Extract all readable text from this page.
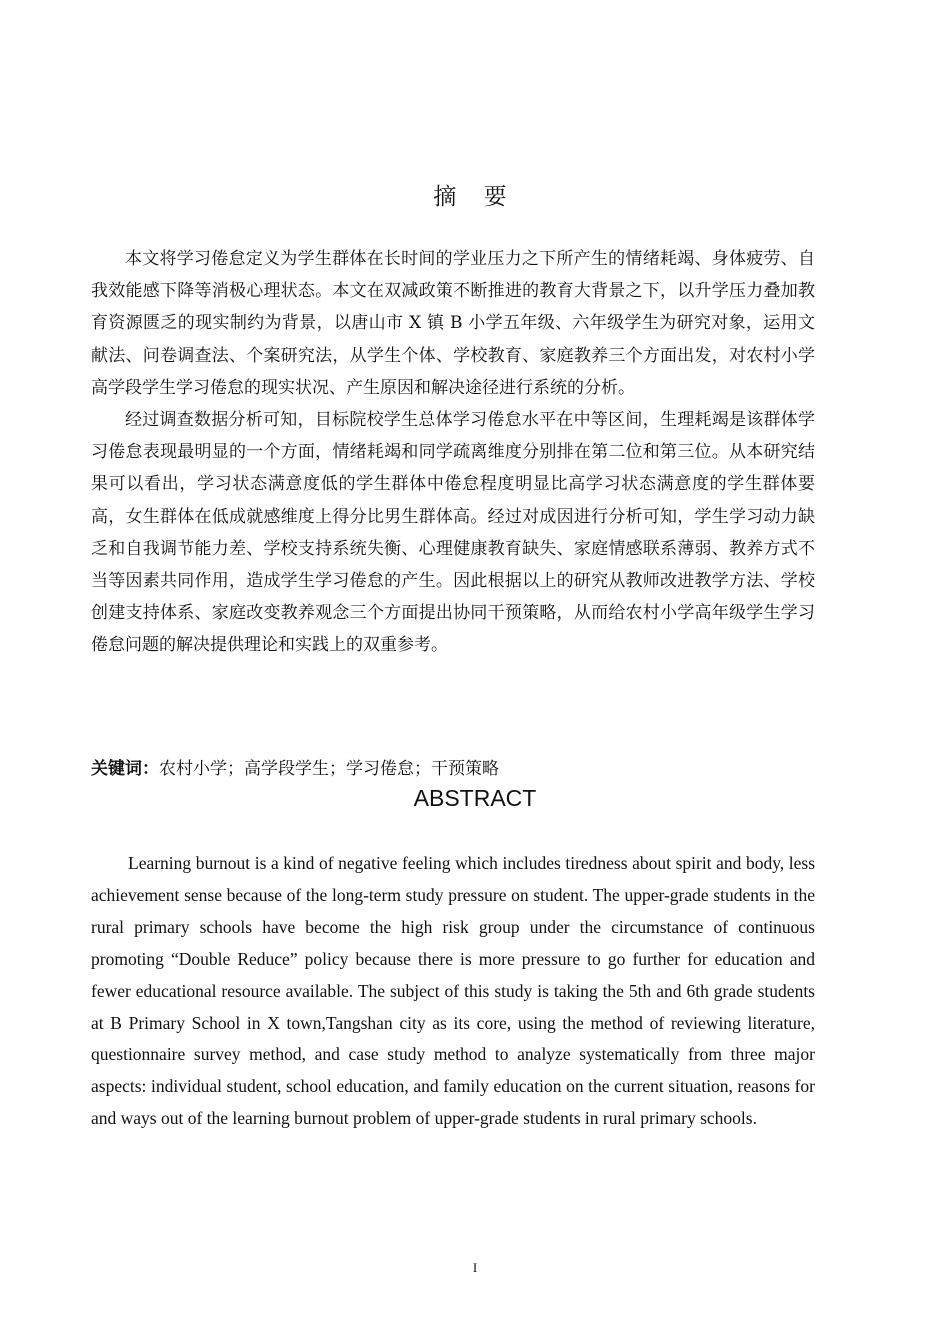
摘 要

本文将学习倦怠定义为学生群体在长时间的学业压力之下所产生的情绪耗竭、身体疲劳、自我效能感下降等消极心理状态。本文在双减政策不断推进的教育大背景之下，以升学压力叠加教育资源匮乏的现实制约为背景，以唐山市 X 镇 B 小学五年级、六年级学生为研究对象，运用文献法、问卷调查法、个案研究法，从学生个体、学校教育、家庭教养三个方面出发，对农村小学高学段学生学习倦怠的现实状况、产生原因和解决途径进行系统的分析。

经过调查数据分析可知，目标院校学生总体学习倦怠水平在中等区间，生理耗竭是该群体学习倦怠表现最明显的一个方面，情绪耗竭和同学疏离维度分别排在第二位和第三位。从本研究结果可以看出，学习状态满意度低的学生群体中倦怠程度明显比高学习状态满意度的学生群体要高，女生群体在低成就感维度上得分比男生群体高。经过对成因进行分析可知，学生学习动力缺乏和自我调节能力差、学校支持系统失衡、心理健康教育缺失、家庭情感联系薄弱、教养方式不当等因素共同作用，造成学生学习倦怠的产生。因此根据以上的研究从教师改进教学方法、学校创建支持体系、家庭改变教养观念三个方面提出协同干预策略，从而给农村小学高年级学生学习倦怠问题的解决提供理论和实践上的双重参考。

关键词：农村小学；高学段学生；学习倦怠；干预策略
ABSTRACT

Learning burnout is a kind of negative feeling which includes tiredness about spirit and body, less achievement sense because of the long-term study pressure on student. The upper-grade students in the rural primary schools have become the high risk group under the circumstance of continuous promoting “Double Reduce” policy because there is more pressure to go further for education and fewer educational resource available. The subject of this study is taking the 5th and 6th grade students at B Primary School in X town,Tangshan city as its core, using the method of reviewing literature, questionnaire survey method, and case study method to analyze systematically from three major aspects: individual student, school education, and family education on the current situation, reasons for and ways out of the learning burnout problem of upper-grade students in rural primary schools.

I
